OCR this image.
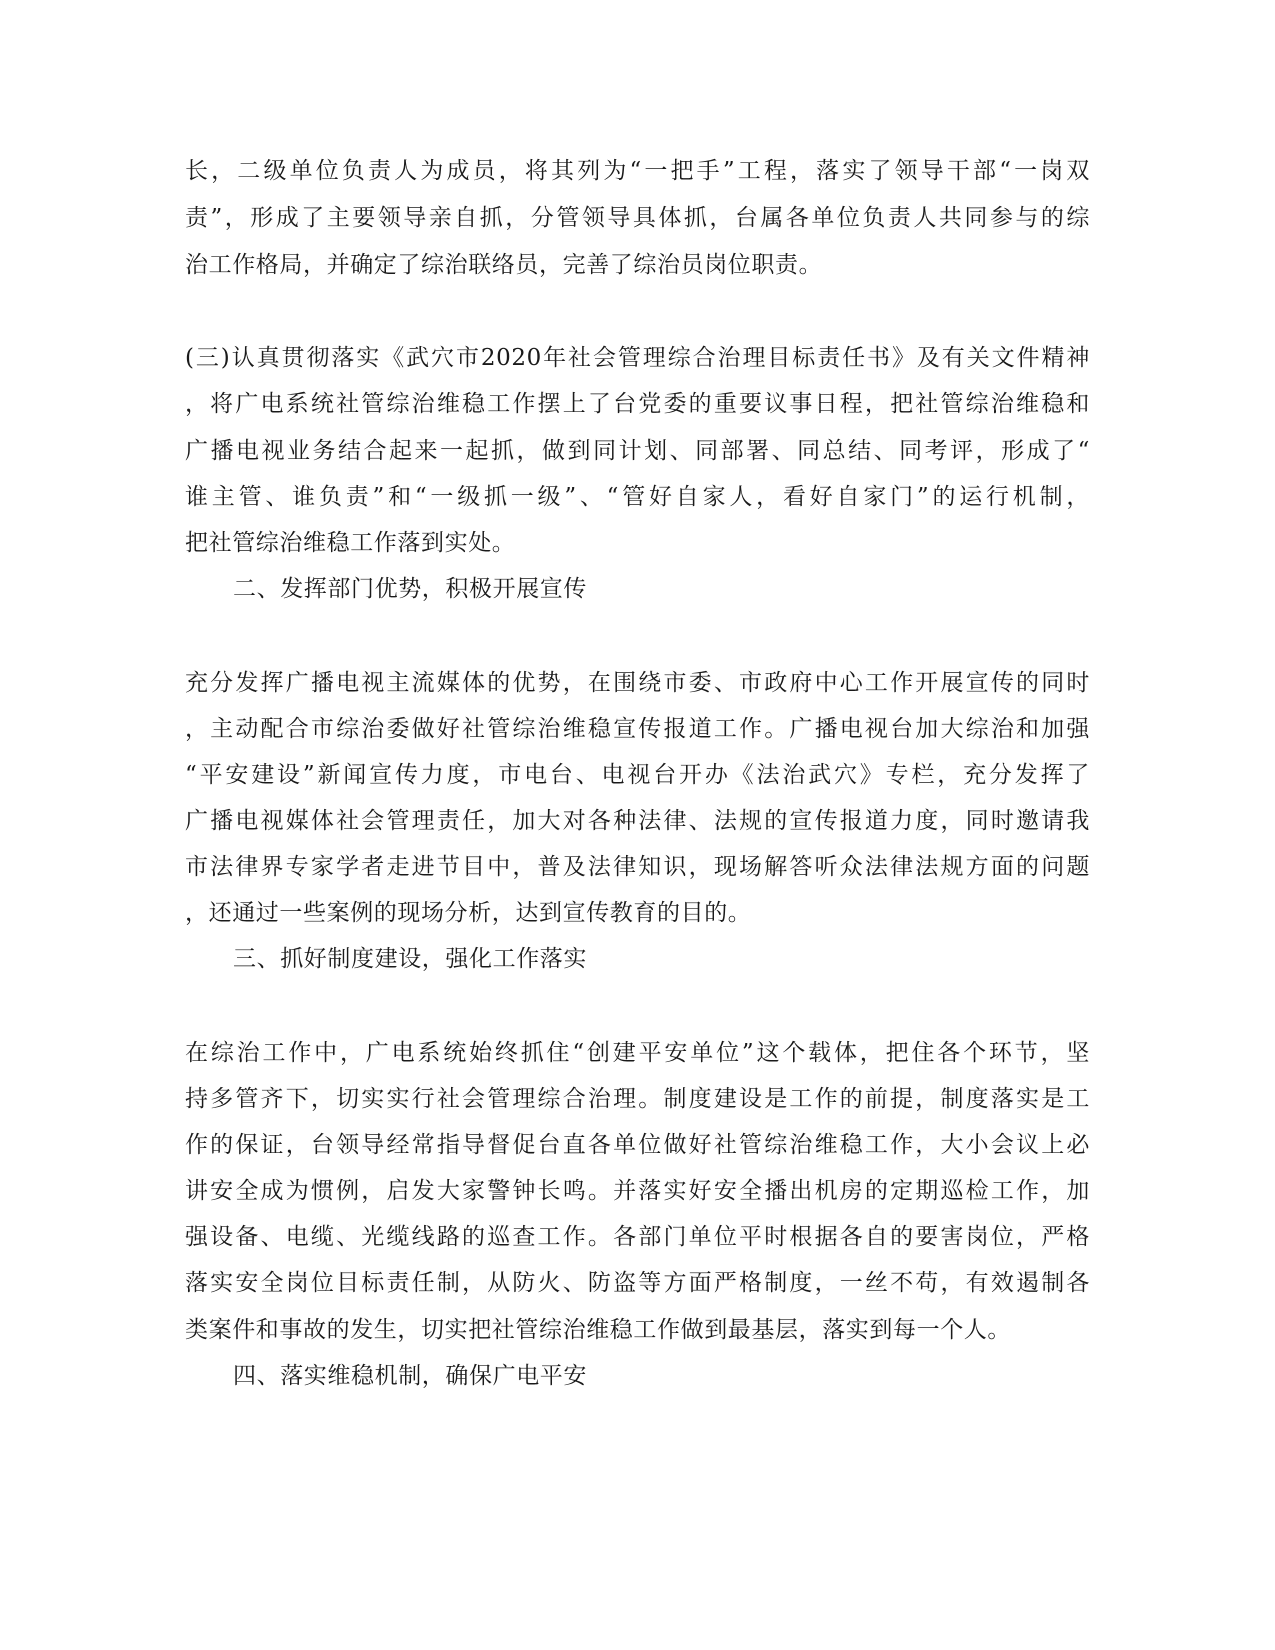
长，二级单位负责人为成员，将其列为“一把手”工程，落实了领导干部“一岗双
责”，形成了主要领导亲自抓，分管领导具体抓，台属各单位负责人共同参与的综
治工作格局，并确定了综治联络员，完善了综治员岗位职责。
(三)认真贯彻落实《武穴市2020年社会管理综合治理目标责任书》及有关文件精神
，将广电系统社管综治维稳工作摆上了台党委的重要议事日程，把社管综治维稳和
广播电视业务结合起来一起抓，做到同计划、同部署、同总结、同考评，形成了“
谁主管、谁负责”和“一级抓一级”、“管好自家人，看好自家门”的运行机制，
把社管综治维稳工作落到实处。
二、发挥部门优势，积极开展宣传
充分发挥广播电视主流媒体的优势，在围绕市委、市政府中心工作开展宣传的同时
，主动配合市综治委做好社管综治维稳宣传报道工作。广播电视台加大综治和加强
“平安建设”新闻宣传力度，市电台、电视台开办《法治武穴》专栏，充分发挥了
广播电视媒体社会管理责任，加大对各种法律、法规的宣传报道力度，同时邀请我
市法律界专家学者走进节目中，普及法律知识，现场解答听众法律法规方面的问题
，还通过一些案例的现场分析，达到宣传教育的目的。
三、抓好制度建设，强化工作落实
在综治工作中，广电系统始终抓住“创建平安单位”这个载体，把住各个环节，坚
持多管齐下，切实实行社会管理综合治理。制度建设是工作的前提，制度落实是工
作的保证，台领导经常指导督促台直各单位做好社管综治维稳工作，大小会议上必
讲安全成为惯例，启发大家警钟长鸣。并落实好安全播出机房的定期巡检工作，加
强设备、电缆、光缆线路的巡查工作。各部门单位平时根据各自的要害岗位，严格
落实安全岗位目标责任制，从防火、防盗等方面严格制度，一丝不苟，有效遏制各
类案件和事故的发生，切实把社管综治维稳工作做到最基层，落实到每一个人。
四、落实维稳机制，确保广电平安
